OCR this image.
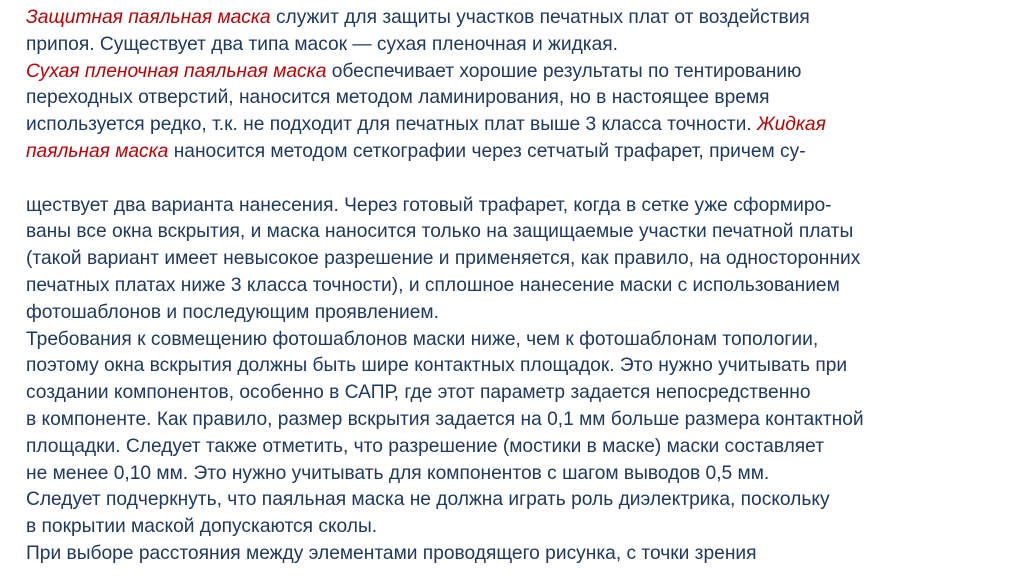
Защитная паяльная маска служит для защиты участков печатных плат от воздействия
припоя. Существует два типа масок — сухая пленочная и жидкая.
Сухая пленочная паяльная маска обеспечивает хорошие результаты по тентированию
переходных отверстий, наносится методом ламинирования, но в настоящее время
используется редко, т.к. не подходит для печатных плат выше 3 класса точности. Жидкая
паяльная маска наносится методом сеткографии через сетчатый трафарет, причем су-
ществует два варианта нанесения. Через готовый трафарет, когда в сетке уже сформиро-
ваны все окна вскрытия, и маска наносится только на защищаемые участки печатной платы
(такой вариант имеет невысокое разрешение и применяется, как правило, на односторонних
печатных платах ниже 3 класса точности), и сплошное нанесение маски с использованием
фотошаблонов и последующим проявлением.
Требования к совмещению фотошаблонов маски ниже, чем к фотошаблонам топологии,
поэтому окна вскрытия должны быть шире контактных площадок. Это нужно учитывать при
создании компонентов, особенно в САПР, где этот параметр задается непосредственно
в компоненте. Как правило, размер вскрытия задается на 0,1 мм больше размера контактной
площадки. Следует также отметить, что разрешение (мостики в маске) маски составляет
не менее 0,10 мм. Это нужно учитывать для компонентов с шагом выводов 0,5 мм.
Следует подчеркнуть, что паяльная маска не должна играть роль диэлектрика, поскольку
в покрытии маской допускаются сколы.
При выборе расстояния между элементами проводящего рисунка, с точки зрения
